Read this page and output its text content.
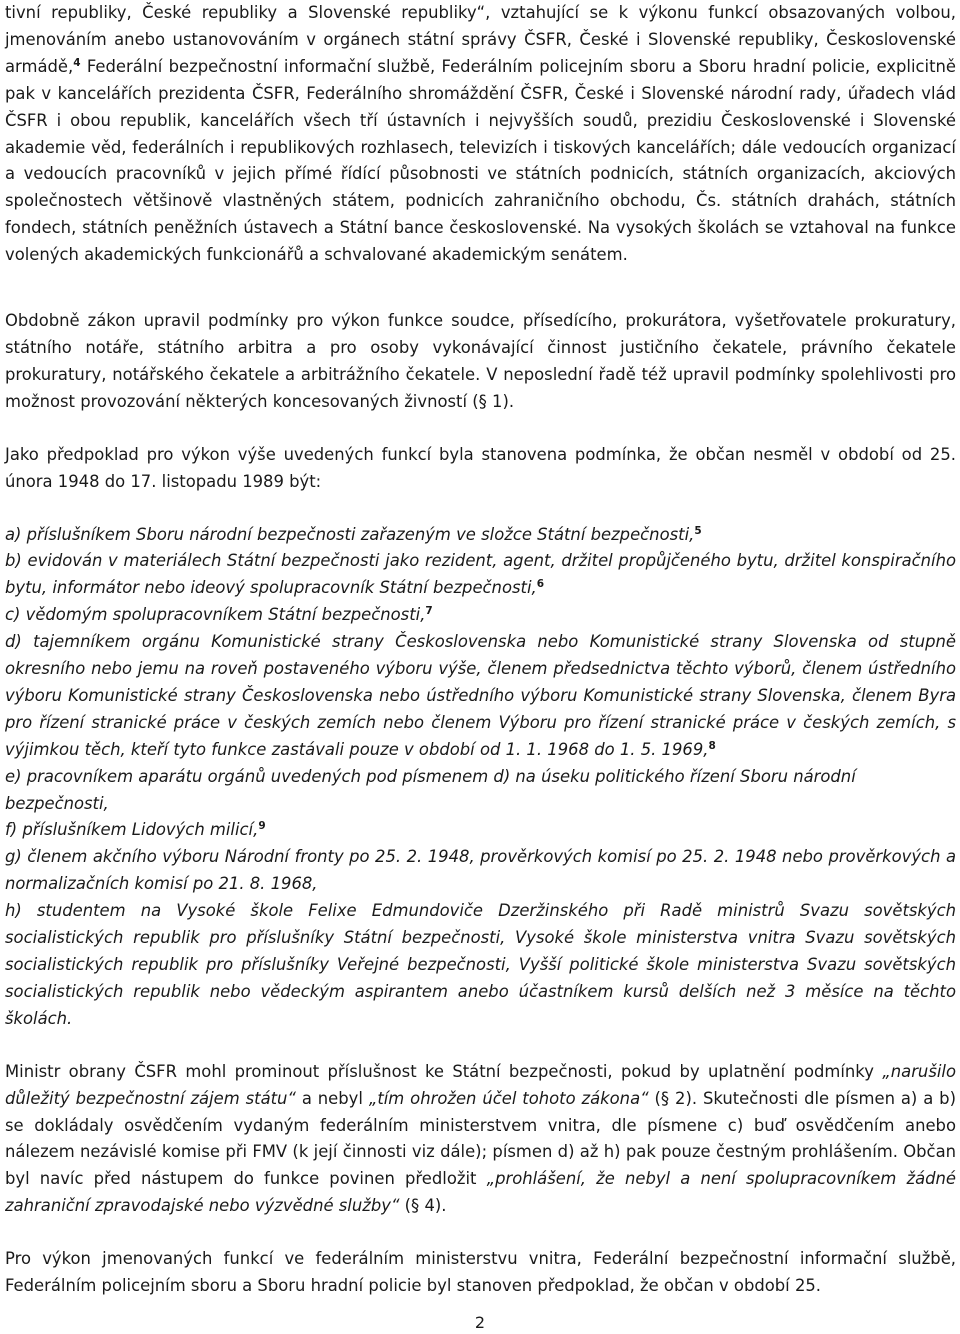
tivní republiky, České republiky a Slovenské republiky“, vztahující se k výkonu funkcí obsazovaných volbou, jmenováním anebo ustanovováním v orgánech státní správy ČSFR, České i Slovenské republiky, Československé armádě,$^4$ Federální bezpečnostní informační službě, Federálním policejním sboru a Sboru hradní policie, explicitně pak v kancelářích prezidenta ČSFR, Federálního shromáždění ČSFR, České i Slovenské národní rady, úřadech vlád ČSFR i obou republik, kancelářích všech tří ústavních i nejvyšších soudů, prezidiu Československé i Slovenské akademie věd, federálních i republikových rozhlasech, televizích i tiskových kancelářích; dále vedoucích organizací a vedoucích pracovníků v jejich přímé řídící působnosti ve státních podnicích, státních organizacích, akciových společnostech většinově vlastněných státem, podnicích zahraničního obchodu, Čs. státních drahách, státních fondech, státních peněžních ústavech a Státní bance československé. Na vysokých školách se vztahoval na funkce volených akademických funkcionářů a schvalované akademickým senátem.

Obdobně zákon upravil podmínky pro výkon funkce soudce, přísedícího, prokurátora, vyšetřovatele prokuratury, státního notáře, státního arbitra a pro osoby vykonávající činnost justičního čekatele, právního čekatele prokuratury, notářského čekatele a arbitrážního čekatele. V neposlední řadě též upravil podmínky spolehlivosti pro možnost provozování některých koncesovaných živností (§ 1).

Jako předpoklad pro výkon výše uvedených funkcí byla stanovena podmínka, že občan nesměl v období od 25. února 1948 do 17. listopadu 1989 být:

a) příslušníkem Sboru národní bezpečnosti zařazeným ve složce Státní bezpečnosti,$^5$

b) evidován v materiálech Státní bezpečnosti jako rezident, agent, držitel propůjčeného bytu, držitel konspiračního bytu, informátor nebo ideový spolupracovník Státní bezpečnosti,$^6$

c) vědomým spolupracovníkem Státní bezpečnosti,$^7$

d) tajemníkem orgánu Komunistické strany Československa nebo Komunistické strany Slovenska od stupně okresního nebo jemu na roveň postaveného výboru výše, členem předsednictva těchto výborů, členem ústředního výboru Komunistické strany Československa nebo ústředního výboru Komunistické strany Slovenska, členem Byra pro řízení stranické práce v českých zemích nebo členem Výboru pro řízení stranické práce v českých zemích, s výjimkou těch, kteří tyto funkce zastávali pouze v období od 1. 1. 1968 do 1. 5. 1969,$^8$

e) pracovníkem aparátu orgánů uvedených pod písmenem d) na úseku politického řízení Sboru národní bezpečnosti,

f) příslušníkem Lidových milicí,$^9$

g) členem akčního výboru Národní fronty po 25. 2. 1948, prověrkových komisí po 25. 2. 1948 nebo prověrkových a normalizačních komisí po 21. 8. 1968,

h) studentem na Vysoké škole Felixe Edmundoviče Dzeržinského při Radě ministrů Svazu sovětských socialistických republik pro příslušníky Státní bezpečnosti, Vysoké škole ministerstva vnitra Svazu sovětských socialistických republik pro příslušníky Veřejné bezpečnosti, Vyšší politické škole ministerstva Svazu sovětských socialistických republik nebo vědeckým aspirantem anebo účastníkem kursů delších než 3 měsíce na těchto školách.

Ministr obrany ČSFR mohl prominout příslušnost ke Státní bezpečnosti, pokud by uplatnění podmínky „narušilo důležitý bezpečnostní zájem státu“ a nebyl „tím ohrožen účel tohoto zákona“ (§ 2). Skutečnosti dle písmen a) a b) se dokládaly osvědčením vydaným federálním ministerstvem vnitra, dle písmene c) buď osvědčením anebo nálezem nezávislé komise při FMV (k její činnosti viz dále); písmen d) až h) pak pouze čestným prohlášením. Občan byl navíc před nástupem do funkce povinen předložit „prohlášení, že nebyl a není spolupracovníkem žádné zahraniční zpravodajské nebo výzvědné služby“ (§ 4).

Pro výkon jmenovaných funkcí ve federálním ministerstvu vnitra, Federální bezpečnostní informační službě, Federálním policejním sboru a Sboru hradní policie byl stanoven předpoklad, že občan v období 25.

2
